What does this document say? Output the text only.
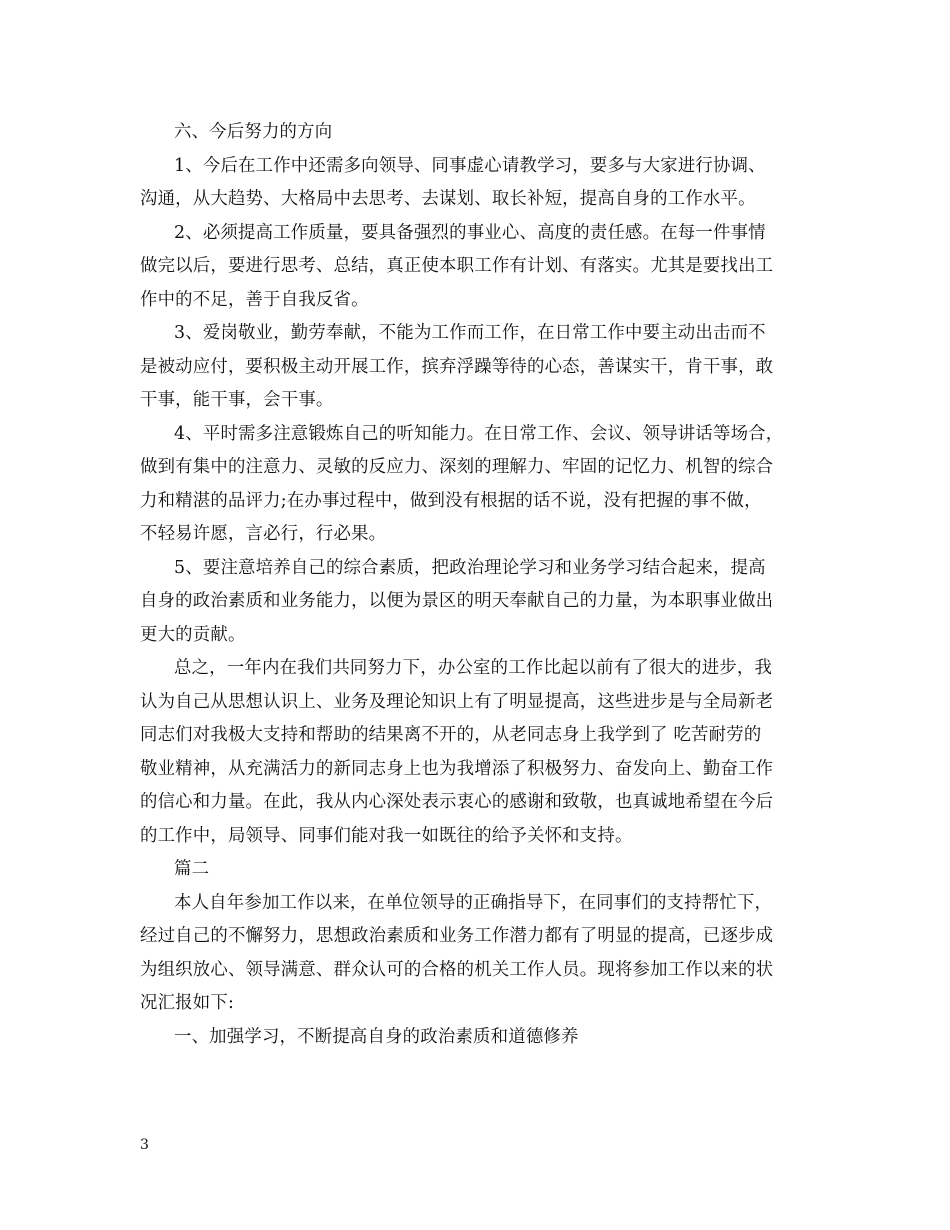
六、今后努力的方向
1、今后在工作中还需多向领导、同事虚心请教学习，要多与大家进行协调、
沟通，从大趋势、大格局中去思考、去谋划、取长补短，提高自身的工作水平。
2、必须提高工作质量，要具备强烈的事业心、高度的责任感。在每一件事情
做完以后，要进行思考、总结，真正使本职工作有计划、有落实。尤其是要找出工
作中的不足，善于自我反省。
3、爱岗敬业，勤劳奉献，不能为工作而工作，在日常工作中要主动出击而不
是被动应付，要积极主动开展工作，摈弃浮躁等待的心态，善谋实干，肯干事，敢
干事，能干事，会干事。
4、平时需多注意锻炼自己的听知能力。在日常工作、会议、领导讲话等场合，
做到有集中的注意力、灵敏的反应力、深刻的理解力、牢固的记忆力、机智的综合
力和精湛的品评力;在办事过程中，做到没有根据的话不说，没有把握的事不做，
不轻易许愿，言必行，行必果。
5、要注意培养自己的综合素质，把政治理论学习和业务学习结合起来，提高
自身的政治素质和业务能力，以便为景区的明天奉献自己的力量，为本职事业做出
更大的贡献。
总之，一年内在我们共同努力下，办公室的工作比起以前有了很大的进步，我
认为自己从思想认识上、业务及理论知识上有了明显提高，这些进步是与全局新老
同志们对我极大支持和帮助的结果离不开的，从老同志身上我学到了 吃苦耐劳的
敬业精神，从充满活力的新同志身上也为我增添了积极努力、奋发向上、勤奋工作
的信心和力量。在此，我从内心深处表示衷心的感谢和致敬，也真诚地希望在今后
的工作中，局领导、同事们能对我一如既往的给予关怀和支持。
篇二
本人自年参加工作以来，在单位领导的正确指导下，在同事们的支持帮忙下，
经过自己的不懈努力，思想政治素质和业务工作潜力都有了明显的提高，已逐步成
为组织放心、领导满意、群众认可的合格的机关工作人员。现将参加工作以来的状
况汇报如下:
一、加强学习，不断提高自身的政治素质和道德修养
3
